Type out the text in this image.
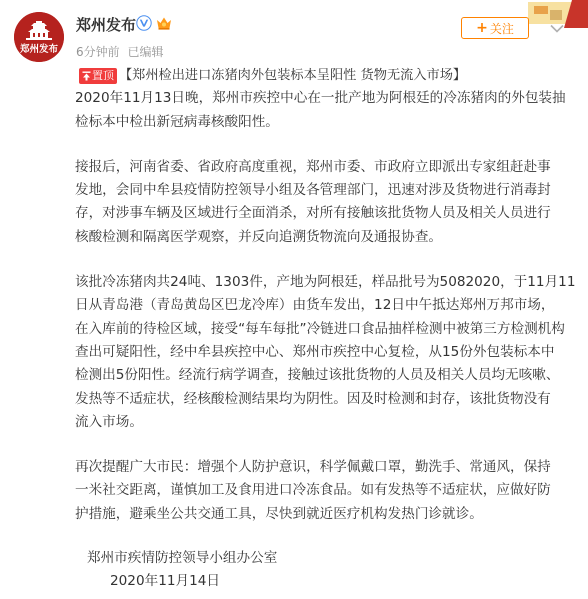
郑州发布
郑州发布
6分钟前 已编辑
+ 关注
置顶 【郑州检出进口冻猪肉外包装标本呈阳性 货物无流入市场】
2020年11月13日晚，郑州市疾控中心在一批产地为阿根廷的冷冻猪肉的外包装抽
检标本中检出新冠病毒核酸阳性。
接报后，河南省委、省政府高度重视，郑州市委、市政府立即派出专家组赶赴事
发地，会同中牟县疫情防控领导小组及各管理部门，迅速对涉及货物进行消毒封
存，对涉事车辆及区域进行全面消杀，对所有接触该批货物人员及相关人员进行
核酸检测和隔离医学观察，并反向追溯货物流向及通报协查。
该批冷冻猪肉共24吨、1303件，产地为阿根廷，样品批号为5082020，于11月11
日从青岛港（青岛黄岛区巴龙冷库）由货车发出，12日中午抵达郑州万邦市场，
在入库前的待检区域，接受“每车每批”冷链进口食品抽样检测中被第三方检测机构
查出可疑阳性，经中牟县疾控中心、郑州市疾控中心复检，从15份外包装标本中
检测出5份阳性。经流行病学调查，接触过该批货物的人员及相关人员均无咳嗽、
发热等不适症状，经核酸检测结果均为阴性。因及时检测和封存，该批货物没有
流入市场。
再次提醒广大市民：增强个人防护意识，科学佩戴口罩，勤洗手、常通风，保持
一米社交距离，谨慎加工及食用进口冷冻食品。如有发热等不适症状，应做好防
护措施，避乘坐公共交通工具，尽快到就近医疗机构发热门诊就诊。
郑州市疾情防控领导小组办公室
2020年11月14日
